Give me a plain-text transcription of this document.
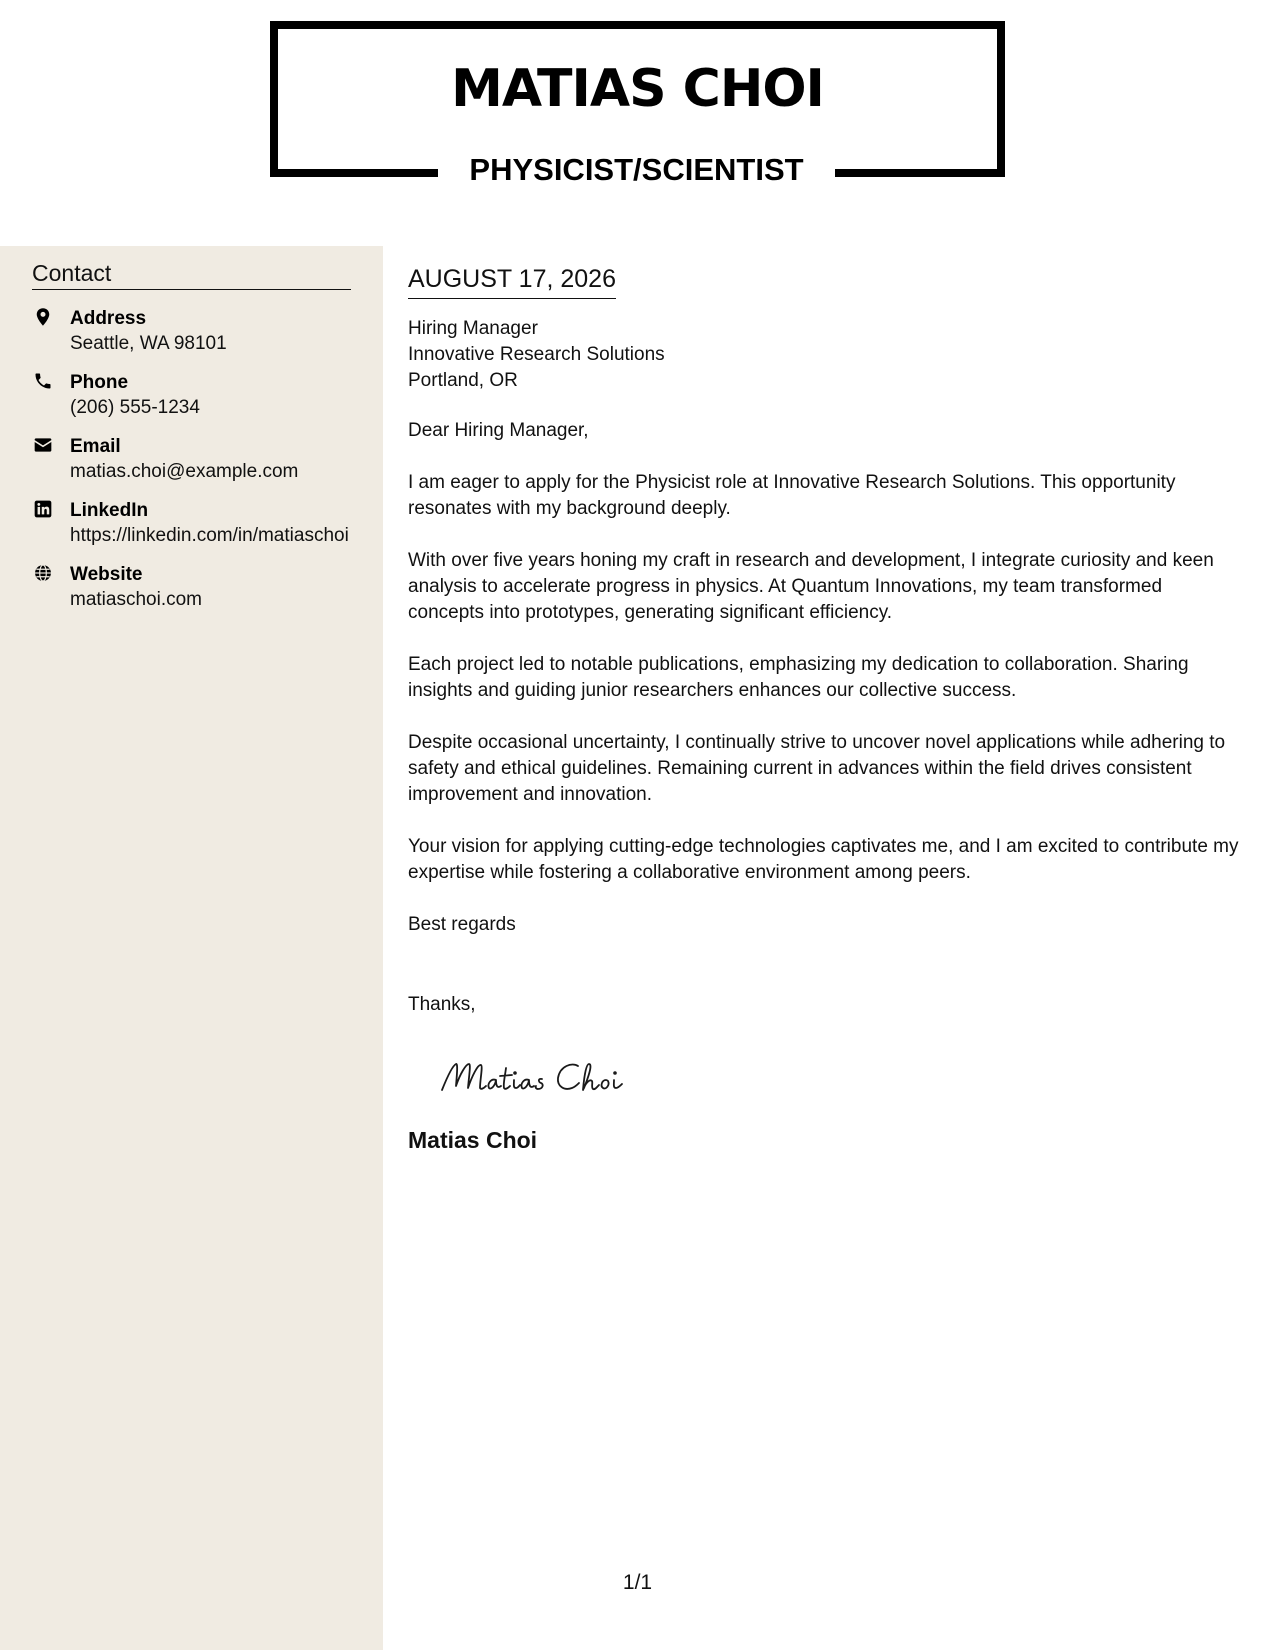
MATIAS CHOI
PHYSICIST/SCIENTIST
Contact
Address
Seattle, WA 98101
Phone
(206) 555-1234
Email
matias.choi@example.com
LinkedIn
https://linkedin.com/in/matiaschoi
Website
matiaschoi.com
AUGUST 17, 2026
Hiring Manager
Innovative Research Solutions
Portland, OR

Dear Hiring Manager,

I am eager to apply for the Physicist role at Innovative Research Solutions. This opportunity resonates with my background deeply.

With over five years honing my craft in research and development, I integrate curiosity and keen analysis to accelerate progress in physics. At Quantum Innovations, my team transformed concepts into prototypes, generating significant efficiency.

Each project led to notable publications, emphasizing my dedication to collaboration. Sharing insights and guiding junior researchers enhances our collective success.

Despite occasional uncertainty, I continually strive to uncover novel applications while adhering to safety and ethical guidelines. Remaining current in advances within the field drives consistent improvement and innovation.

Your vision for applying cutting-edge technologies captivates me, and I am excited to contribute my expertise while fostering a collaborative environment among peers.

Best regards

Thanks,

Matias Choi
1/1
